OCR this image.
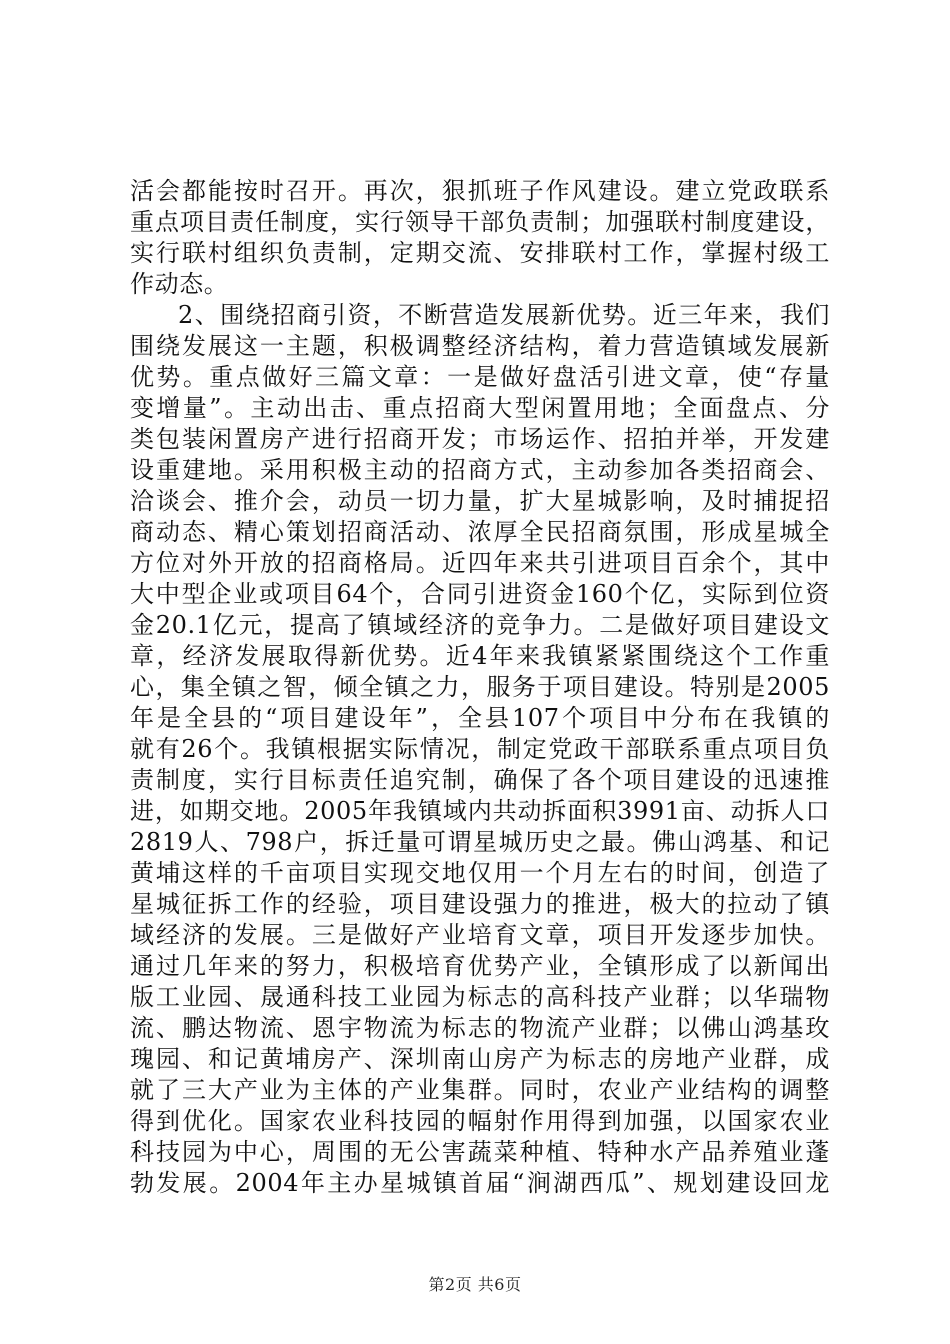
活会都能按时召开。再次，狠抓班子作风建设。建立党政联系
重点项目责任制度，实行领导干部负责制；加强联村制度建设，
实行联村组织负责制，定期交流、安排联村工作，掌握村级工
作动态。
2、围绕招商引资，不断营造发展新优势。近三年来，我们
围绕发展这一主题，积极调整经济结构，着力营造镇域发展新
优势。重点做好三篇文章：一是做好盘活引进文章，使“存量
变增量”。主动出击、重点招商大型闲置用地；全面盘点、分
类包装闲置房产进行招商开发；市场运作、招拍并举，开发建
设重建地。采用积极主动的招商方式，主动参加各类招商会、
洽谈会、推介会，动员一切力量，扩大星城影响，及时捕捉招
商动态、精心策划招商活动、浓厚全民招商氛围，形成星城全
方位对外开放的招商格局。近四年来共引进项目百余个，其中
大中型企业或项目64个，合同引进资金160个亿，实际到位资
金20.1亿元，提高了镇域经济的竞争力。二是做好项目建设文
章，经济发展取得新优势。近4年来我镇紧紧围绕这个工作重
心，集全镇之智，倾全镇之力，服务于项目建设。特别是2005
年是全县的“项目建设年”，全县107个项目中分布在我镇的
就有26个。我镇根据实际情况，制定党政干部联系重点项目负
责制度，实行目标责任追究制，确保了各个项目建设的迅速推
进，如期交地。2005年我镇域内共动拆面积3991亩、动拆人口
2819人、798户，拆迁量可谓星城历史之最。佛山鸿基、和记
黄埔这样的千亩项目实现交地仅用一个月左右的时间，创造了
星城征拆工作的经验，项目建设强力的推进，极大的拉动了镇
域经济的发展。三是做好产业培育文章，项目开发逐步加快。
通过几年来的努力，积极培育优势产业，全镇形成了以新闻出
版工业园、晟通科技工业园为标志的高科技产业群；以华瑞物
流、鹏达物流、恩宇物流为标志的物流产业群；以佛山鸿基玫
瑰园、和记黄埔房产、深圳南山房产为标志的房地产业群，成
就了三大产业为主体的产业集群。同时，农业产业结构的调整
得到优化。国家农业科技园的幅射作用得到加强，以国家农业
科技园为中心，周围的无公害蔬菜种植、特种水产品养殖业蓬
勃发展。2004年主办星城镇首届“涧湖西瓜”、规划建设回龙
第2页 共6页
